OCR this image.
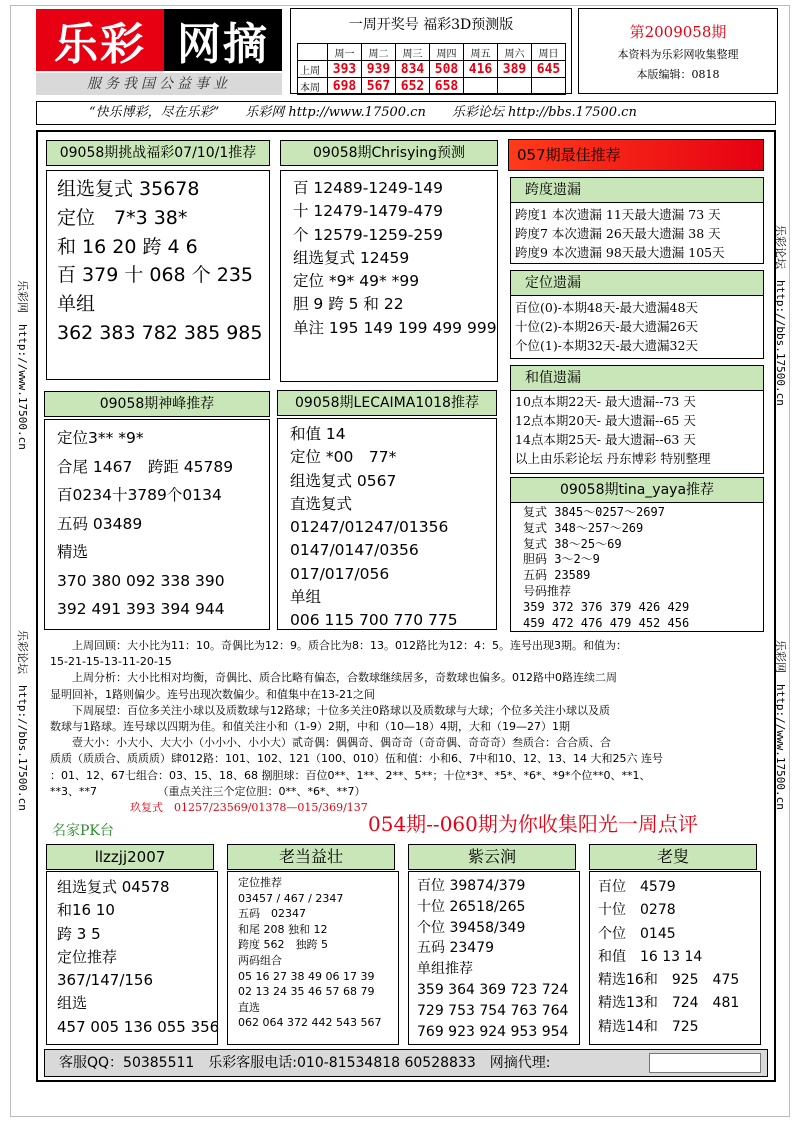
乐彩 网摘
服务我国公益事业
一周开奖号 福彩3D预测版
	周一	周二	周三	周四	周五	周六	周日
上周	393	939	834	508	416	389	645
本周	698	567	652	658			
第2009058期
本资料为乐彩网收集整理
本版编辑：0818
“快乐博彩，尽在乐彩”　　乐彩网 http://www.17500.cn　　乐彩论坛 http://bbs.17500.cn
09058期挑战福彩07/10/1推荐

组选复式 35678

定位　7*3 38*

和 16 20 跨 4 6

百 379 十 068 个 235

单组

362 383 782 385 985

09058期Chrisying预测

百 12489-1249-149

十 12479-1479-479

个 12579-1259-259

组选复式 12459

定位 *9* 49* *99

胆 9 跨 5 和 22

单注 195 149 199 499 999

09058期神峰推荐

定位3** *9*

合尾 1467　跨距 45789

百0234十3789个0134

五码 03489

精选

370 380 092 338 390

392 491 393 394 944

09058期LECAIMA1018推荐

和值 14

定位 *00　77*

组选复式 0567

直选复式

01247/01247/01356

0147/0147/0356

017/017/056

单组

006 115 700 770 775

057期最佳推荐
跨度遗漏

跨度1 本次遗漏 11天最大遗漏 73 天

跨度7 本次遗漏 26天最大遗漏 38 天

跨度9 本次遗漏 98天最大遗漏 105天

定位遗漏

百位(0)-本期48天-最大遗漏48天

十位(2)-本期26天-最大遗漏26天

个位(1)-本期32天-最大遗漏32天

和值遗漏

10点本期22天- 最大遗漏--73 天

12点本期20天- 最大遗漏--65 天

14点本期25天- 最大遗漏--63 天

以上由乐彩论坛 丹东博彩 特别整理

09058期tina_yaya推荐

复式 3845～0257～2697

复式 348～257～269

复式 38～25～69

胆码 3～2～9

五码 23589

号码推荐

359 372 376 379 426 429

459 472 476 479 452 456

　　上周回顾：大小比为11：10。奇偶比为12：9。质合比为8：13。012路比为12：4：5。连号出现3期。和值为：

15-21-15-13-11-20-15

　　上周分析：大小比相对均衡，奇偶比、质合比略有偏态，合数球继续居多，奇数球也偏多。012路中0路连续二周

显明回补，1路则偏少。连号出现次数偏少。和值集中在13-21之间

　　下周展望：百位多关注小球以及质数球与12路球；十位多关注0路球以及质数球与大球；个位多关注小球以及质

数球与1路球。连号球以四期为佳。和值关注小和（1-9）2期，中和（10—18）4期，大和（19—27）1期

　　壹大小：小大小、大大小（小小小、小小大）贰奇偶：偶偶奇、偶奇奇（奇奇偶、奇奇奇）叁质合：合合质、合

质质（质质合、质质质）肆012路：101、102、121（100、010）伍和值：小和6、7中和10、12、13、14 大和25六 连号

：01、12、67七组合：03、15、18、68 捌胆球：百位0**、1**、2**、5**；十位*3*、*5*、*6*、*9*个位**0、**1、

**3、**7　　　　　　（重点关注三个定位胆：0**、*6*、**7）

玖复式　01257/23569/01378—015/369/137

名家PK台	054期--060期为你收集阳光一周点评
llzzjj2007

组选复式 04578

和16 10

跨 3 5

定位推荐

367/147/156

组选

457 005 136 055 356

老当益壮

定位推荐

03457 / 467 / 2347

五码　02347

和尾 208 独和 12

跨度 562　独跨 5

两码组合

05 16 27 38 49 06 17 39

02 13 24 35 46 57 68 79

直选

062 064 372 442 543 567

紫云涧

百位 39874/379

十位 26518/265

个位 39458/349

五码 23479

单组推荐

359 364 369 723 724

729 753 754 763 764

769 923 924 953 954

老叟

百位　4579

十位　0278

个位　0145

和值　16 13 14

精选16和　925　475

精选13和　724　481

精选14和　725

客服QQ：50385511　乐彩客服电话:010-81534818 60528833　网摘代理:
乐彩网　http://www.17500.cn
乐彩论坛　http://bbs.17500.cn
乐彩论坛　http://bbs.17500.cn
乐彩网　http://www.17500.cn
